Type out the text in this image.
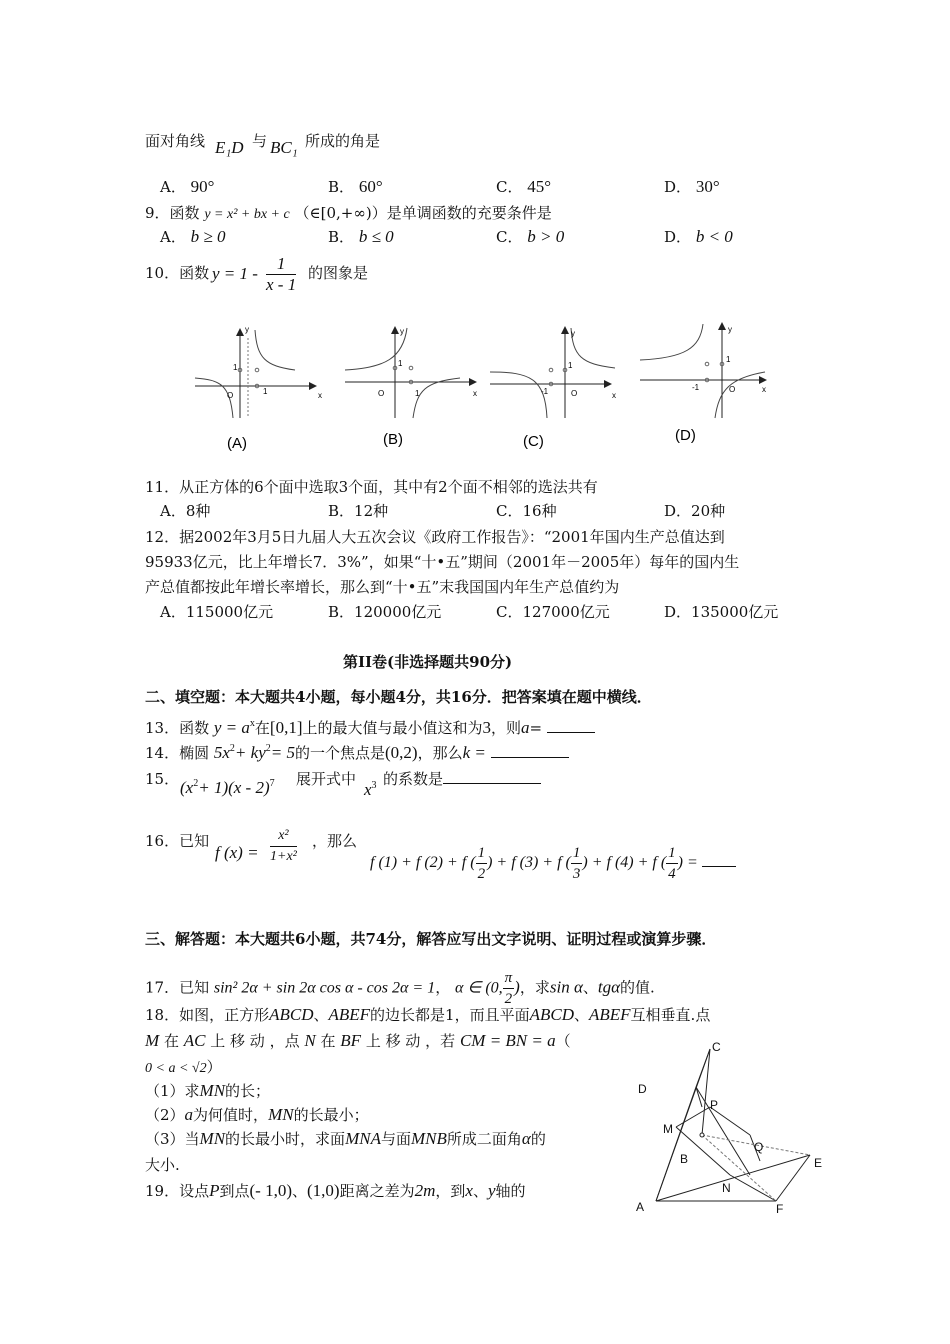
面对角线 E₁D 与 BC₁ 所成的角是
A． 90°	B． 60°	C． 45°	D． 30°
9．函数 y = x² + bx + c （∈[0,+∞)）是单调函数的充要条件是
A． b ≥ 0	B． b ≤ 0	C． b > 0	D． b < 0
10．函数 $y = 1 - \frac{1}{x - 1}$ 的图象是
y
x
O
1
1
(A)
y
x
O
1
1
(B)
y
x
O
1
-1
(C)
y
x
O
1
-1
(D)
11．从正方体的6个面中选取3个面，其中有2个面不相邻的选法共有
A．8种	B．12种	C．16种	D．20种
12．据2002年3月5日九届人大五次会议《政府工作报告》：“2001年国内生产总值达到
95933亿元，比上年增长7．3%”，如果“十•五”期间（2001年－2005年）每年的国内生
产总值都按此年增长率增长，那么到“十•五”末我国国内年生产总值约为
A．115000亿元	B．120000亿元	C．127000亿元	D．135000亿元
第II卷(非选择题共90分)
二、填空题：本大题共4小题，每小题4分，共16分．把答案填在题中横线．
13．函数 $y = a^x$在[0,1]上的最大值与最小值这和为3，则a=
14．椭圆 $5x^2+ ky^2= 5$的一个焦点是(0,2)，那么k =
15． $(x^2+ 1)(x - 2)^7$ 展开式中
$x^3$ 的系数是
16．已知
f $(x) = \frac{\text{x²}}{\text{1+x²}}$ ，那么
f (1) + f (2) + f ( $\frac{1}{2}$ ) + f (3) + f ( $\frac{1}{3}$ ) + f (4) + f ( $\frac{1}{4}$ ) =
三、解答题：本大题共6小题，共74分，解答应写出文字说明、证明过程或演算步骤．
17．已知 sin² 2α + sin 2α cos α - cos 2α = 1， α ∈ (0, $\frac{\pi}{2}$ )，求sin α、tgα的值.
18．如图，正方形ABCD、ABEF的边长都是1，而且平面ABCD、ABEF互相垂直.点
M 在 AC 上 移 动 ，点 N 在 BF 上 移 动 ，若 CM = BN = a（
0 < a < √2）
（1）求MN的长；
（2）a为何值时，MN的长最小；
（3）当MN的长最小时，求面MNA与面MNB所成二面角α的
大小.
19．设点P到点(- 1,0)、(1,0)距离之差为2m，到x、y轴的
C
D
P
M
B
Q
E
N
A	F
